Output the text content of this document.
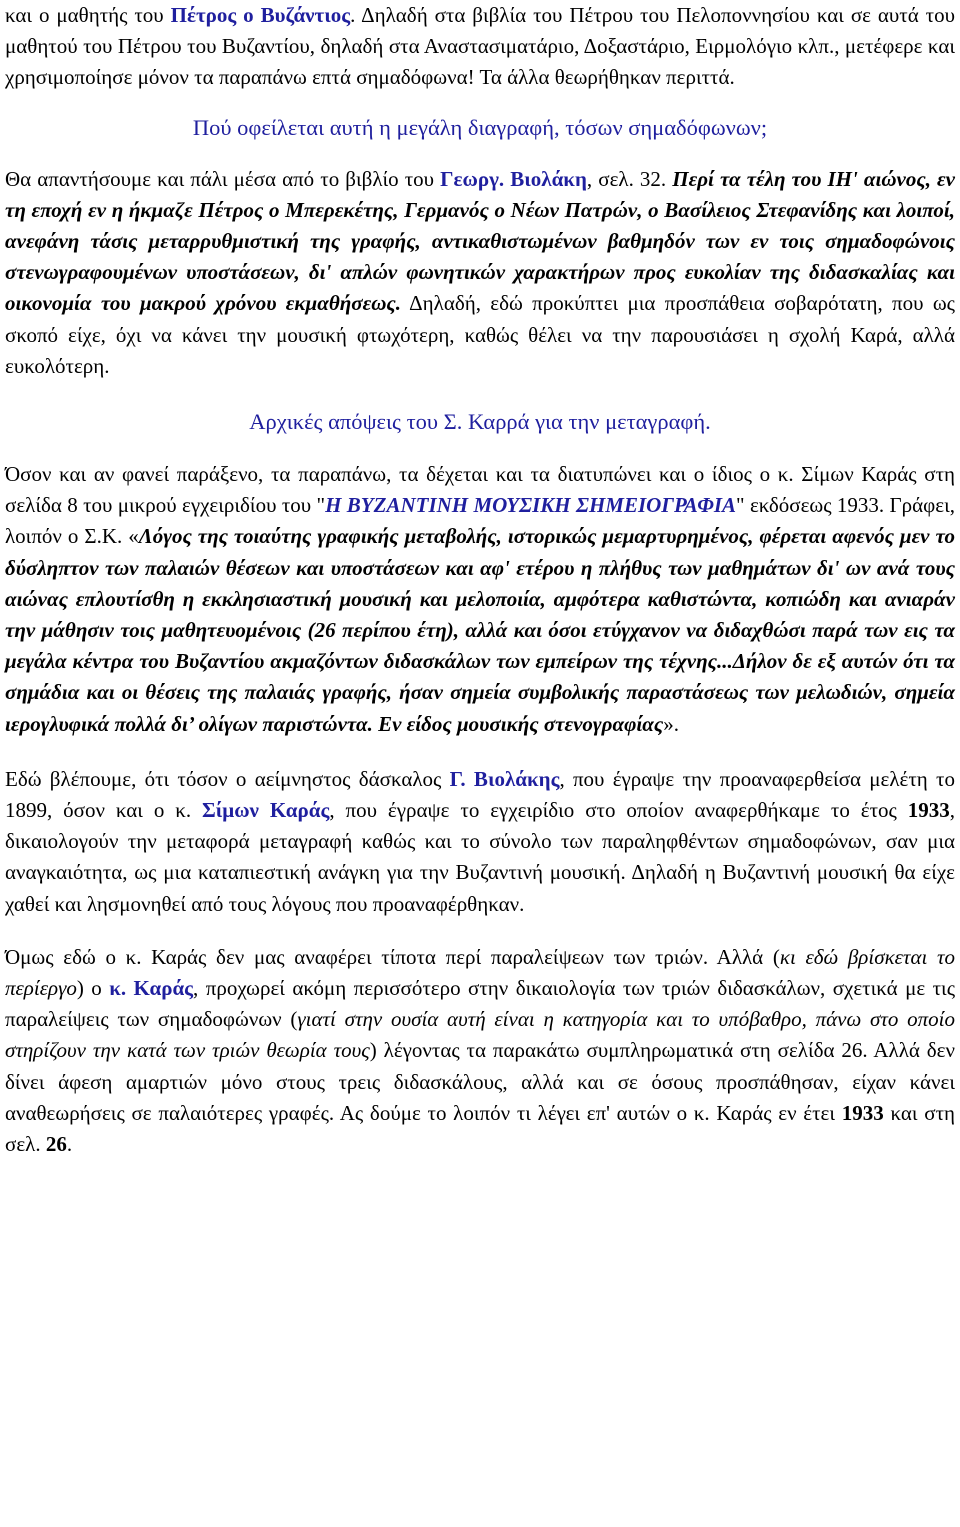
και ο μαθητής του Πέτρος ο Βυζάντιος. Δηλαδή στα βιβλία του Πέτρου του Πελοποννησίου και σε αυτά του μαθητού του Πέτρου του Βυζαντίου, δηλαδή στα Αναστασιματάριο, Δοξαστάριο, Ειρμολόγιο κλπ., μετέφερε και χρησιμοποίησε μόνον τα παραπάνω επτά σημαδόφωνα! Τα άλλα θεωρήθηκαν περιττά.

Πού οφείλεται αυτή η μεγάλη διαγραφή, τόσων σημαδόφωνων;

Θα απαντήσουμε και πάλι μέσα από το βιβλίο του Γεωργ. Βιολάκη, σελ. 32. Περί τα τέλη του ΙΗ' αιώνος, εν τη εποχή εν η ήκμαζε Πέτρος ο Μπερεκέτης, Γερμανός ο Νέων Πατρών, ο Βασίλειος Στεφανίδης και λοιποί, ανεφάνη τάσις μεταρρυθμιστική της γραφής, αντικαθιστωμένων βαθμηδόν των εν τοις σημαδοφώνοις στενωγραφουμένων υποστάσεων, δι' απλών φωνητικών χαρακτήρων προς ευκολίαν της διδασκαλίας και οικονομία του μακρού χρόνου εκμαθήσεως. Δηλαδή, εδώ προκύπτει μια προσπάθεια σοβαρότατη, που ως σκοπό είχε, όχι να κάνει την μουσική φτωχότερη, καθώς θέλει να την παρουσιάσει η σχολή Καρά, αλλά ευκολότερη.

Αρχικές απόψεις του Σ. Καρρά για την μεταγραφή.

Όσον και αν φανεί παράξενο, τα παραπάνω, τα δέχεται και τα διατυπώνει και ο ίδιος ο κ. Σίμων Καράς στη σελίδα 8 του μικρού εγχειριδίου του "Η ΒΥΖΑΝΤΙΝΗ ΜΟΥΣΙΚΗ ΣΗΜΕΙΟΓΡΑΦΙΑ" εκδόσεως 1933. Γράφει, λοιπόν ο Σ.Κ. «Λόγος της τοιαύτης γραφικής μεταβολής, ιστορικώς μεμαρτυρημένος, φέρεται αφενός μεν το δύσληπτον των παλαιών θέσεων και υποστάσεων και αφ' ετέρου η πλήθυς των μαθημάτων δι' ων ανά τους αιώνας επλουτίσθη η εκκλησιαστική μουσική και μελοποιία, αμφότερα καθιστώντα, κοπιώδη και ανιαράν την μάθησιν τοις μαθητευομένοις (26 περίπου έτη), αλλά και όσοι ετύγχανον να διδαχθώσι παρά των εις τα μεγάλα κέντρα του Βυζαντίου ακμαζόντων διδασκάλων των εμπείρων της τέχνης...Δήλον δε εξ αυτών ότι τα σημάδια και οι θέσεις της παλαιάς γραφής, ήσαν σημεία συμβολικής παραστάσεως των μελωδιών, σημεία ιερογλυφικά πολλά δι’ ολίγων παριστώντα. Εν είδος μουσικής στενογραφίας».

Εδώ βλέπουμε, ότι τόσον ο αείμνηστος δάσκαλος Γ. Βιολάκης, που έγραψε την προαναφερθείσα μελέτη το 1899, όσον και ο κ. Σίμων Καράς, που έγραψε το εγχειρίδιο στο οποίον αναφερθήκαμε το έτος 1933, δικαιολογούν την μεταφορά μεταγραφή καθώς και το σύνολο των παραληφθέντων σημαδοφώνων, σαν μια αναγκαιότητα, ως μια καταπιεστική ανάγκη για την Βυζαντινή μουσική. Δηλαδή η Βυζαντινή μουσική θα είχε χαθεί και λησμονηθεί από τους λόγους που προαναφέρθηκαν.

Όμως εδώ ο κ. Καράς δεν μας αναφέρει τίποτα περί παραλείψεων των τριών. Αλλά (κι εδώ βρίσκεται το περίεργο) ο κ. Καράς, προχωρεί ακόμη περισσότερο στην δικαιολογία των τριών διδασκάλων, σχετικά με τις παραλείψεις των σημαδοφώνων (γιατί στην ουσία αυτή είναι η κατηγορία και το υπόβαθρο, πάνω στο οποίο στηρίζουν την κατά των τριών θεωρία τους) λέγοντας τα παρακάτω συμπληρωματικά στη σελίδα 26. Αλλά δεν δίνει άφεση αμαρτιών μόνο στους τρεις διδασκάλους, αλλά και σε όσους προσπάθησαν, είχαν κάνει αναθεωρήσεις σε παλαιότερες γραφές. Ας δούμε το λοιπόν τι λέγει επ' αυτών ο κ. Καράς εν έτει 1933 και στη σελ. 26.
